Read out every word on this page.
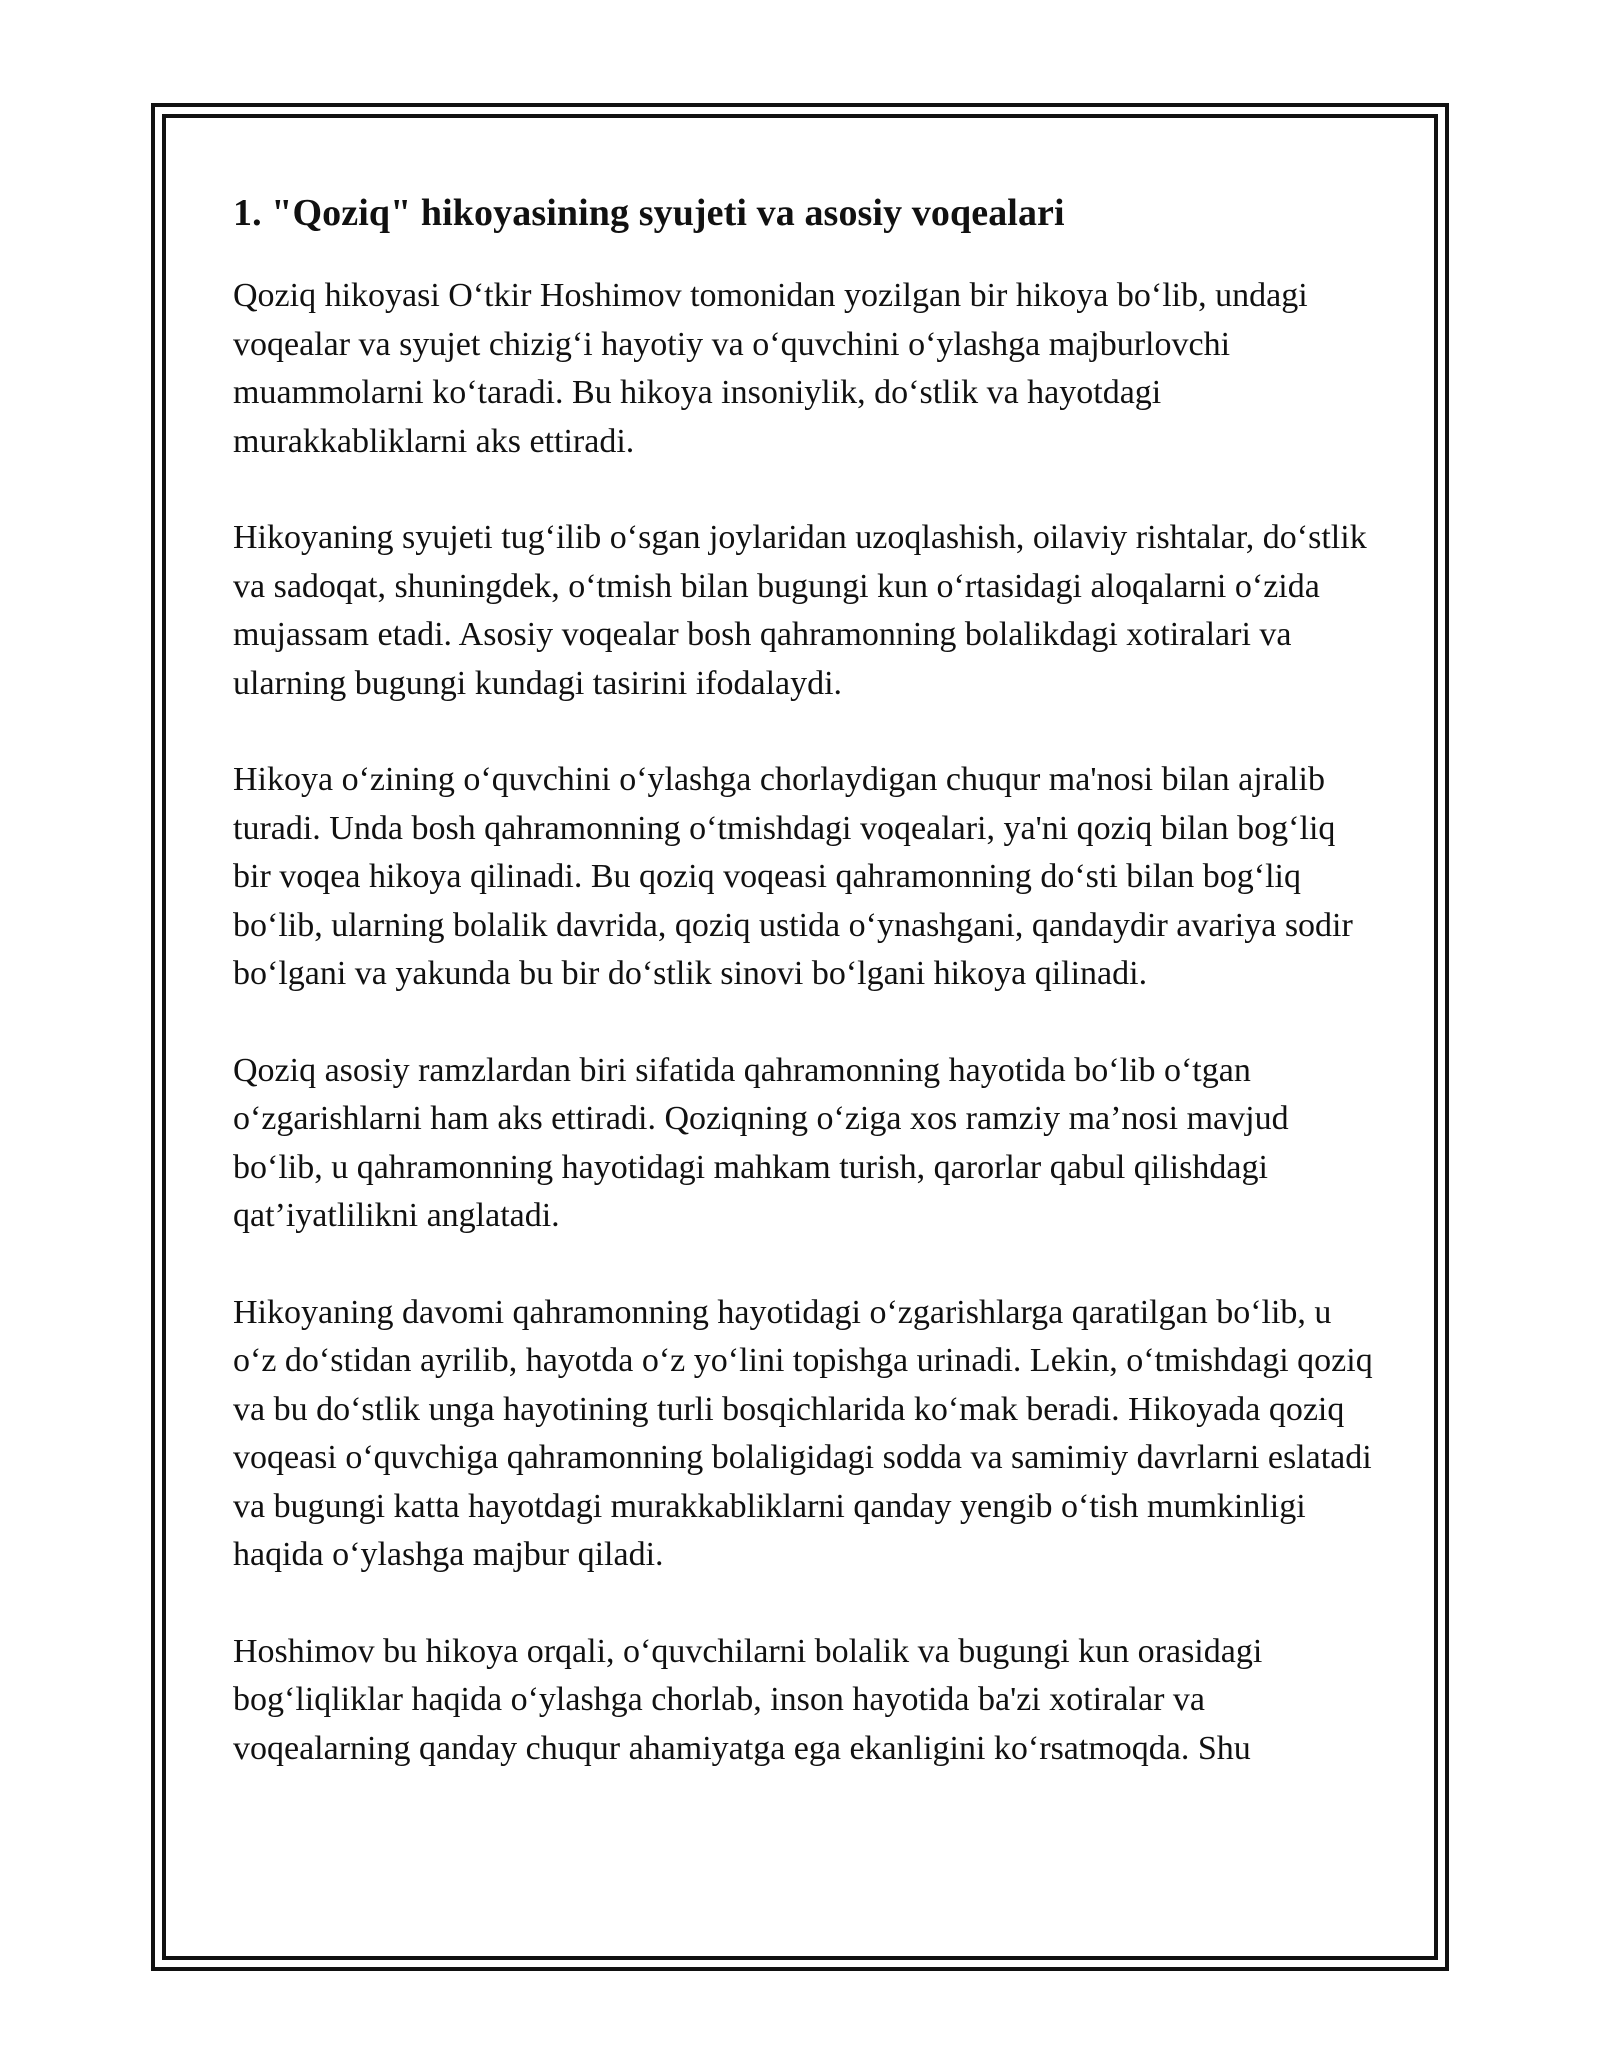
1. "Qoziq" hikoyasining syujeti va asosiy voqealari

Qoziq hikoyasi O‘tkir Hoshimov tomonidan yozilgan bir hikoya bo‘lib, undagi voqealar va syujet chizig‘i hayotiy va o‘quvchini o‘ylashga majburlovchi muammolarni ko‘taradi. Bu hikoya insoniylik, do‘stlik va hayotdagi murakkabliklarni aks ettiradi.

Hikoyaning syujeti tug‘ilib o‘sgan joylaridan uzoqlashish, oilaviy rishtalar, do‘stlik va sadoqat, shuningdek, o‘tmish bilan bugungi kun o‘rtasidagi aloqalarni o‘zida mujassam etadi. Asosiy voqealar bosh qahramonning bolalikdagi xotiralari va ularning bugungi kundagi tasirini ifodalaydi.

Hikoya o‘zining o‘quvchini o‘ylashga chorlaydigan chuqur ma'nosi bilan ajralib turadi. Unda bosh qahramonning o‘tmishdagi voqealari, ya'ni qoziq bilan bog‘liq bir voqea hikoya qilinadi. Bu qoziq voqeasi qahramonning do‘sti bilan bog‘liq bo‘lib, ularning bolalik davrida, qoziq ustida o‘ynashgani, qandaydir avariya sodir bo‘lgani va yakunda bu bir do‘stlik sinovi bo‘lgani hikoya qilinadi.

Qoziq asosiy ramzlardan biri sifatida qahramonning hayotida bo‘lib o‘tgan o‘zgarishlarni ham aks ettiradi. Qoziqning o‘ziga xos ramziy ma’nosi mavjud bo‘lib, u qahramonning hayotidagi mahkam turish, qarorlar qabul qilishdagi qat’iyatlilikni anglatadi.

Hikoyaning davomi qahramonning hayotidagi o‘zgarishlarga qaratilgan bo‘lib, u o‘z do‘stidan ayrilib, hayotda o‘z yo‘lini topishga urinadi. Lekin, o‘tmishdagi qoziq va bu do‘stlik unga hayotining turli bosqichlarida ko‘mak beradi. Hikoyada qoziq voqeasi o‘quvchiga qahramonning bolaligidagi sodda va samimiy davrlarni eslatadi va bugungi katta hayotdagi murakkabliklarni qanday yengib o‘tish mumkinligi haqida o‘ylashga majbur qiladi.

Hoshimov bu hikoya orqali, o‘quvchilarni bolalik va bugungi kun orasidagi bog‘liqliklar haqida o‘ylashga chorlab, inson hayotida ba'zi xotiralar va voqealarning qanday chuqur ahamiyatga ega ekanligini ko‘rsatmoqda. Shu
